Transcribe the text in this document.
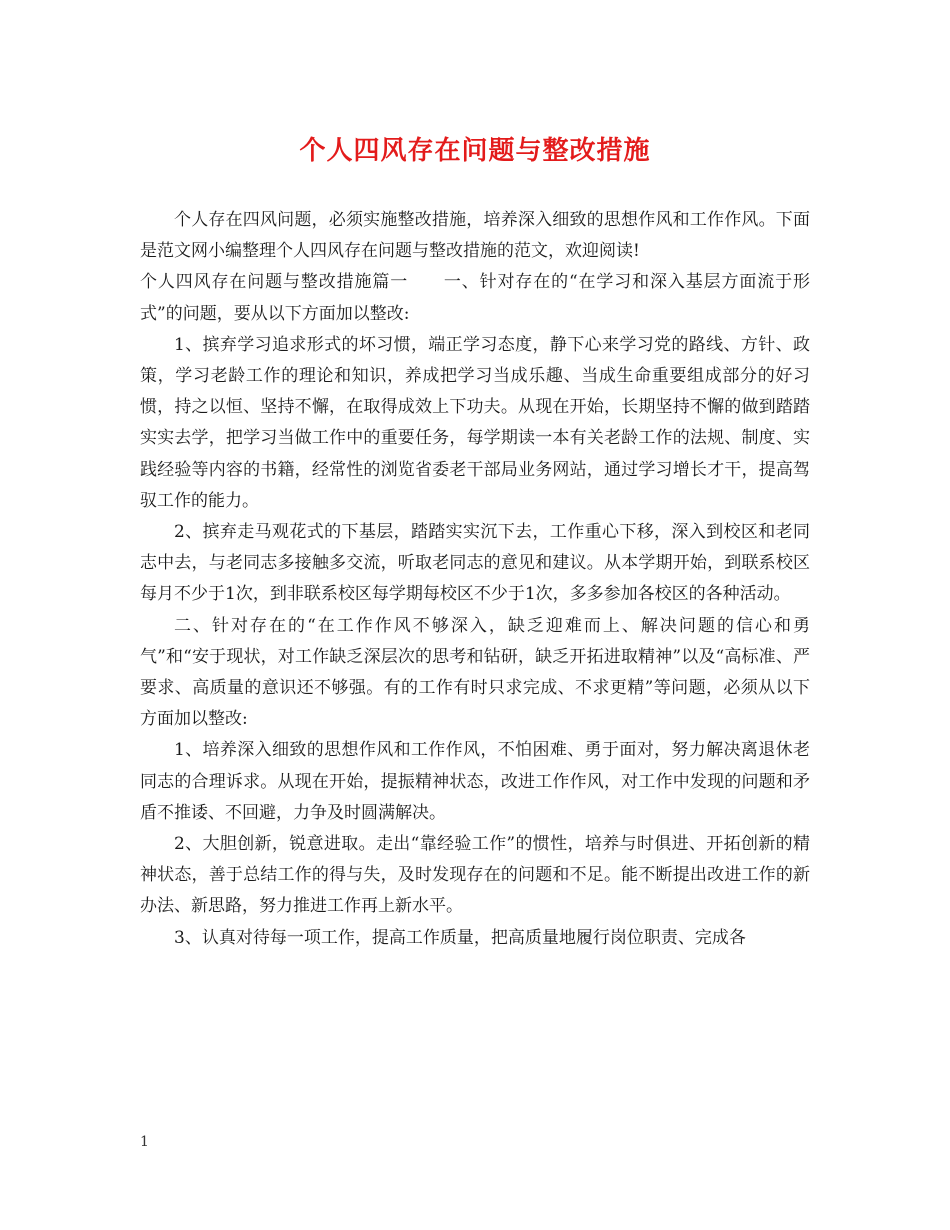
个人四风存在问题与整改措施

个人存在四风问题，必须实施整改措施，培养深入细致的思想作风和工作作风。下面是范文网小编整理个人四风存在问题与整改措施的范文，欢迎阅读!

个人四风存在问题与整改措施篇一　　一、针对存在的“在学习和深入基层方面流于形式”的问题，要从以下方面加以整改:

1、摈弃学习追求形式的坏习惯，端正学习态度，静下心来学习党的路线、方针、政策，学习老龄工作的理论和知识，养成把学习当成乐趣、当成生命重要组成部分的好习惯，持之以恒、坚持不懈，在取得成效上下功夫。从现在开始，长期坚持不懈的做到踏踏实实去学，把学习当做工作中的重要任务，每学期读一本有关老龄工作的法规、制度、实践经验等内容的书籍，经常性的浏览省委老干部局业务网站，通过学习增长才干，提高驾驭工作的能力。

2、摈弃走马观花式的下基层，踏踏实实沉下去，工作重心下移，深入到校区和老同志中去，与老同志多接触多交流，听取老同志的意见和建议。从本学期开始，到联系校区每月不少于1次，到非联系校区每学期每校区不少于1次，多多参加各校区的各种活动。

二、针对存在的“在工作作风不够深入，缺乏迎难而上、解决问题的信心和勇气”和“安于现状，对工作缺乏深层次的思考和钻研，缺乏开拓进取精神”以及“高标准、严要求、高质量的意识还不够强。有的工作有时只求完成、不求更精”等问题，必须从以下方面加以整改:

1、培养深入细致的思想作风和工作作风，不怕困难、勇于面对，努力解决离退休老同志的合理诉求。从现在开始，提振精神状态，改进工作作风，对工作中发现的问题和矛盾不推诿、不回避，力争及时圆满解决。

2、大胆创新，锐意进取。走出“靠经验工作”的惯性，培养与时俱进、开拓创新的精神状态，善于总结工作的得与失，及时发现存在的问题和不足。能不断提出改进工作的新办法、新思路，努力推进工作再上新水平。

3、认真对待每一项工作，提高工作质量，把高质量地履行岗位职责、完成各

1
